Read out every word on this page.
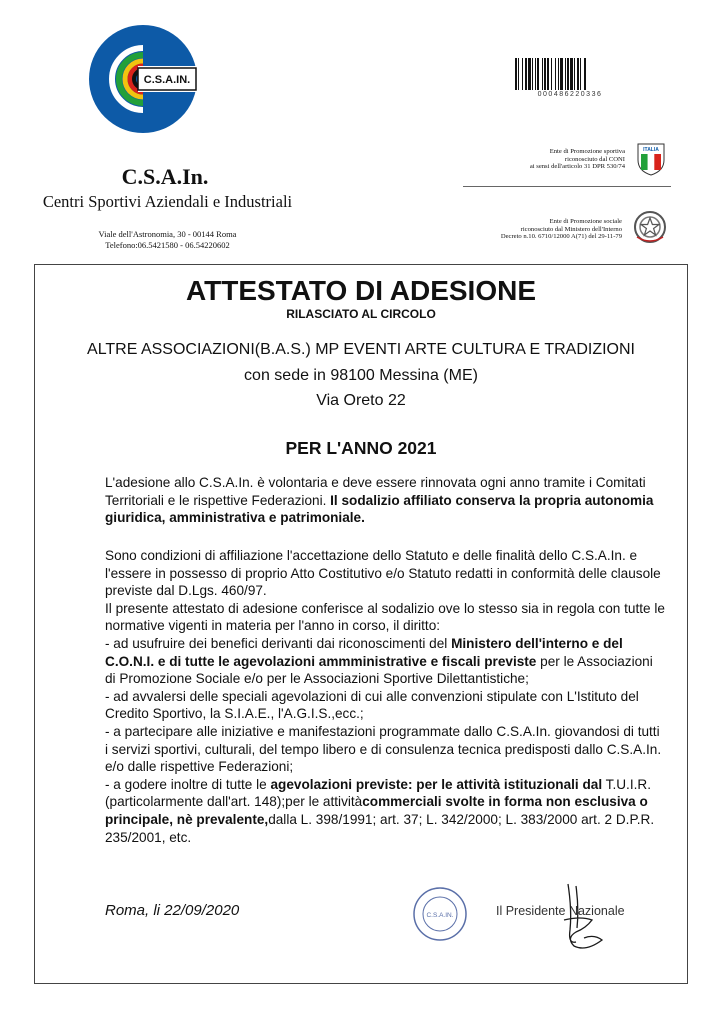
C.S.A.IN.
C.S.A.In.
Centri Sportivi Aziendali e Industriali
Viale dell'Astronomia, 30 - 00144 Roma
Telefono:06.5421580 - 06.54220602
000486220336
Ente di Promozione sportiva
riconosciuto dal CONI
ai sensi dell'articolo 31 DPR 530/74
ITALIA
Ente di Promozione sociale
riconosciuto dal Ministero dell'Interno
Decreto n.10. 6710/12000 A(71) del 29-11-79
ATTESTATO DI ADESIONE
RILASCIATO AL CIRCOLO
ALTRE ASSOCIAZIONI(B.A.S.) MP EVENTI ARTE CULTURA E TRADIZIONI
con sede in 98100 Messina (ME)
Via Oreto 22
PER L'ANNO 2021
L'adesione allo C.S.A.In. è volontaria e deve essere rinnovata ogni anno tramite i Comitati Territoriali e le rispettive Federazioni. Il sodalizio affiliato conserva la propria autonomia giuridica, amministrativa e patrimoniale.
Sono condizioni di affiliazione l'accettazione dello Statuto e delle finalità dello C.S.A.In. e l'essere in possesso di proprio Atto Costitutivo e/o Statuto redatti in conformità delle clausole previste dal D.Lgs. 460/97.
Il presente attestato di adesione conferisce al sodalizio ove lo stesso sia in regola con tutte le normative vigenti in materia per l'anno in corso, il diritto:
- ad usufruire dei benefici derivanti dai riconoscimenti del Ministero dell'interno e del C.O.N.I. e di tutte le agevolazioni ammministrative e fiscali previste per le Associazioni di Promozione Sociale e/o per le Associazioni Sportive Dilettantistiche;
- ad avvalersi delle speciali agevolazioni di cui alle convenzioni stipulate con L'Istituto del Credito Sportivo, la S.I.A.E., l'A.G.I.S.,ecc.;
- a partecipare alle iniziative e manifestazioni programmate dallo C.S.A.In. giovandosi di tutti i servizi sportivi, culturali, del tempo libero e di consulenza tecnica predisposti dallo C.S.A.In. e/o dalle rispettive Federazioni;
- a godere inoltre di tutte le agevolazioni previste: per le attività istituzionali dal T.U.I.R. (particolarmente dall'art. 148);per le attivitàcommerciali svolte in forma non esclusiva o principale, nè prevalente,dalla L. 398/1991; art. 37; L. 342/2000; L. 383/2000 art. 2 D.P.R. 235/2001, etc.
Roma, li 22/09/2020	C.S.A.IN.	Il Presidente Nazionale
